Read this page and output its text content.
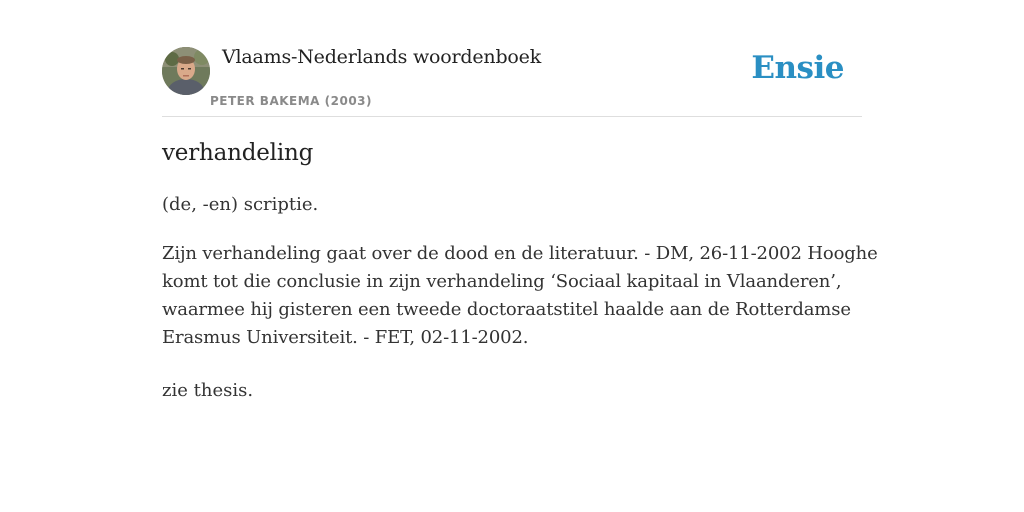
Vlaams-Nederlands woordenboek
PETER BAKEMA (2003)
Ensie
verhandeling
(de, -en) scriptie.
Zijn verhandeling gaat over de dood en de literatuur. - DM, 26-11-2002 Hooghe
komt tot die conclusie in zijn verhandeling ‘Sociaal kapitaal in Vlaanderen’,
waarmee hij gisteren een tweede doctoraatstitel haalde aan de Rotterdamse
Erasmus Universiteit. - FET, 02-11-2002.
zie thesis.
